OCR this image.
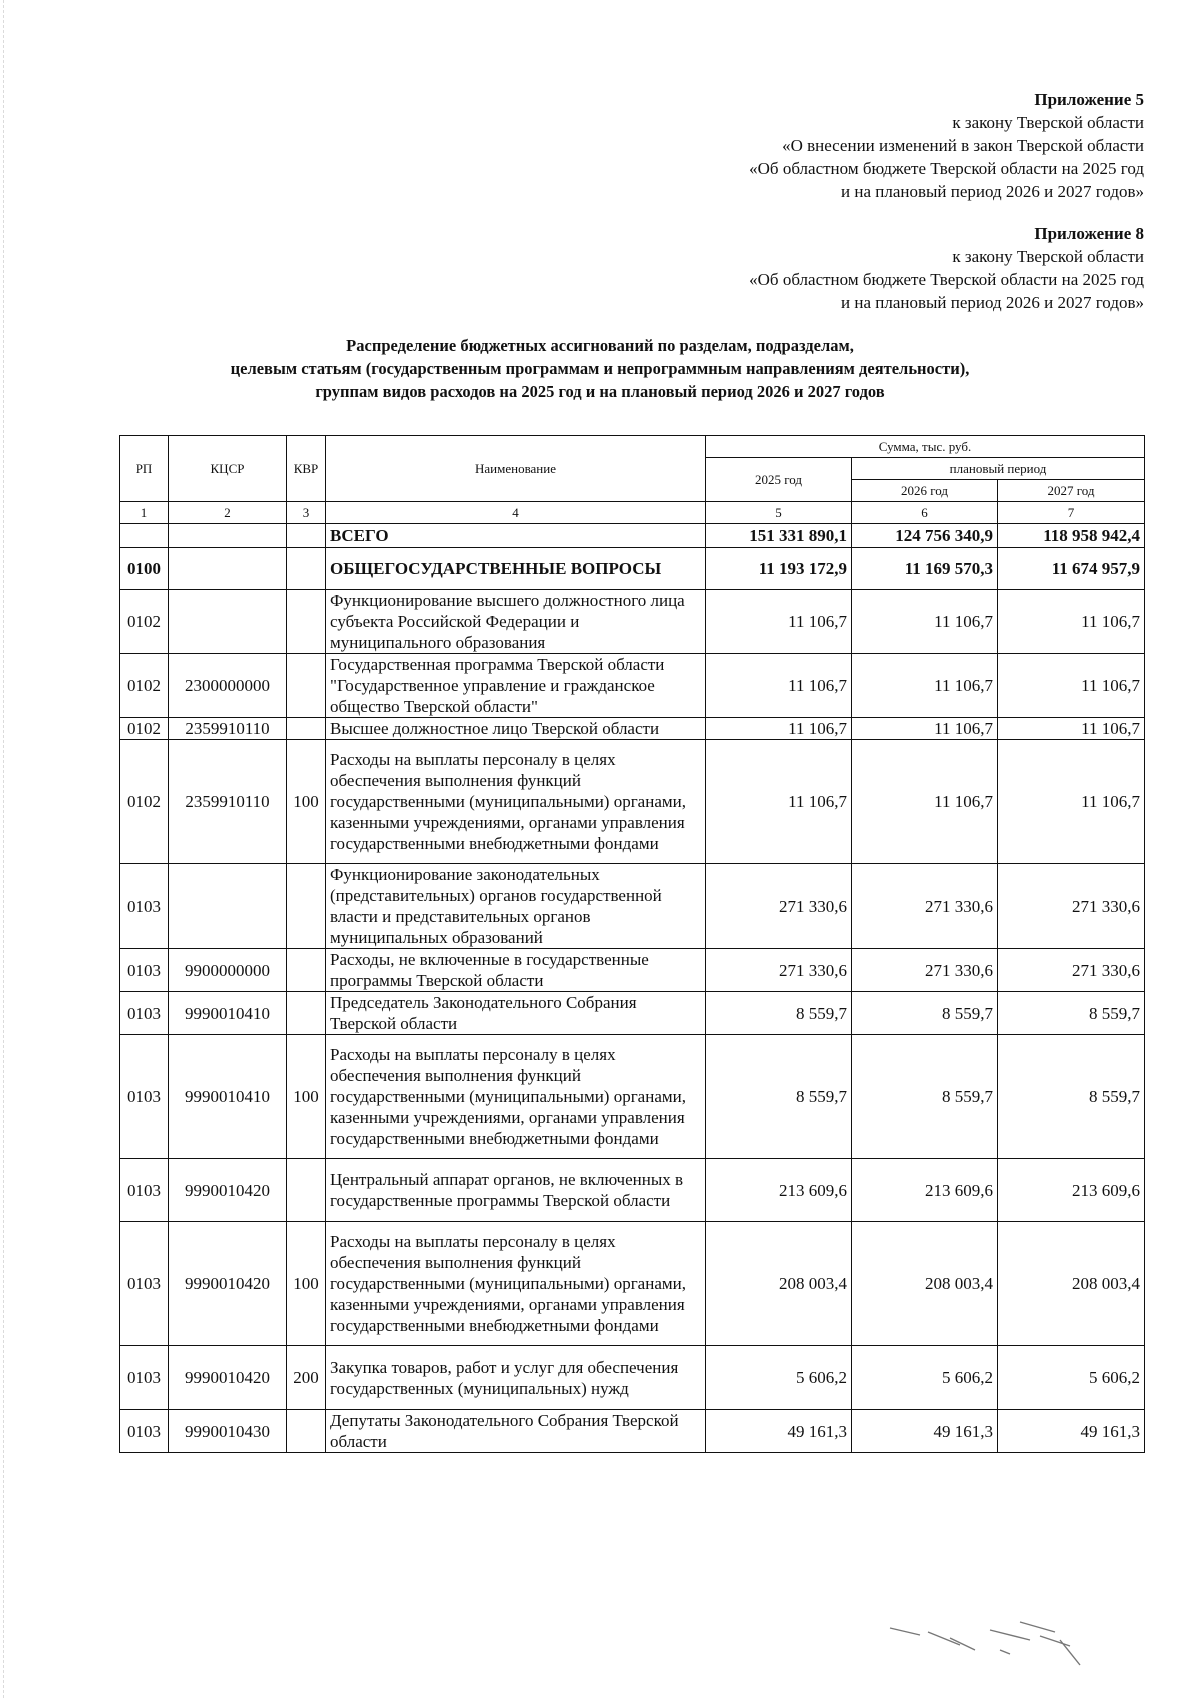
Приложение 5
к закону Тверской области
«О внесении изменений в закон Тверской области
«Об областном бюджете Тверской области на 2025 год
и на плановый период 2026 и 2027 годов»
Приложение 8
к закону Тверской области
«Об областном бюджете Тверской области на 2025 год
и на плановый период 2026 и 2027 годов»
Распределение бюджетных ассигнований по разделам, подразделам,
целевым статьям (государственным программам и непрограммным направлениям деятельности),
группам видов расходов на 2025 год и на плановый период 2026 и 2027 годов
РП	КЦСР	КВР	Наименование	Сумма, тыс. руб.		
				2025 год	плановый период	
					2026 год	2027 год
1	2	3	4	5	6	7
			ВСЕГО	151 331 890,1	124 756 340,9	118 958 942,4
0100			ОБЩЕГОСУДАРСТВЕННЫЕ ВОПРОСЫ	11 193 172,9	11 169 570,3	11 674 957,9
0102			Функционирование высшего должностного лица субъекта Российской Федерации и муниципального образования	11 106,7	11 106,7	11 106,7
0102	2300000000		Государственная программа Тверской области "Государственное управление и гражданское общество Тверской области"	11 106,7	11 106,7	11 106,7
0102	2359910110		Высшее должностное лицо Тверской области	11 106,7	11 106,7	11 106,7
0102	2359910110	100	Расходы на выплаты персоналу в целях обеспечения выполнения функций государственными (муниципальными) органами, казенными учреждениями, органами управления государственными внебюджетными фондами	11 106,7	11 106,7	11 106,7
0103			Функционирование законодательных (представительных) органов государственной власти и представительных органов муниципальных образований	271 330,6	271 330,6	271 330,6
0103	9900000000		Расходы, не включенные в государственные программы Тверской области	271 330,6	271 330,6	271 330,6
0103	9990010410		Председатель Законодательного Собрания Тверской области	8 559,7	8 559,7	8 559,7
0103	9990010410	100	Расходы на выплаты персоналу в целях обеспечения выполнения функций государственными (муниципальными) органами, казенными учреждениями, органами управления государственными внебюджетными фондами	8 559,7	8 559,7	8 559,7
0103	9990010420		Центральный аппарат органов, не включенных в государственные программы Тверской области	213 609,6	213 609,6	213 609,6
0103	9990010420	100	Расходы на выплаты персоналу в целях обеспечения выполнения функций государственными (муниципальными) органами, казенными учреждениями, органами управления государственными внебюджетными фондами	208 003,4	208 003,4	208 003,4
0103	9990010420	200	Закупка товаров, работ и услуг для обеспечения государственных (муниципальных) нужд	5 606,2	5 606,2	5 606,2
0103	9990010430		Депутаты Законодательного Собрания Тверской области	49 161,3	49 161,3	49 161,3
